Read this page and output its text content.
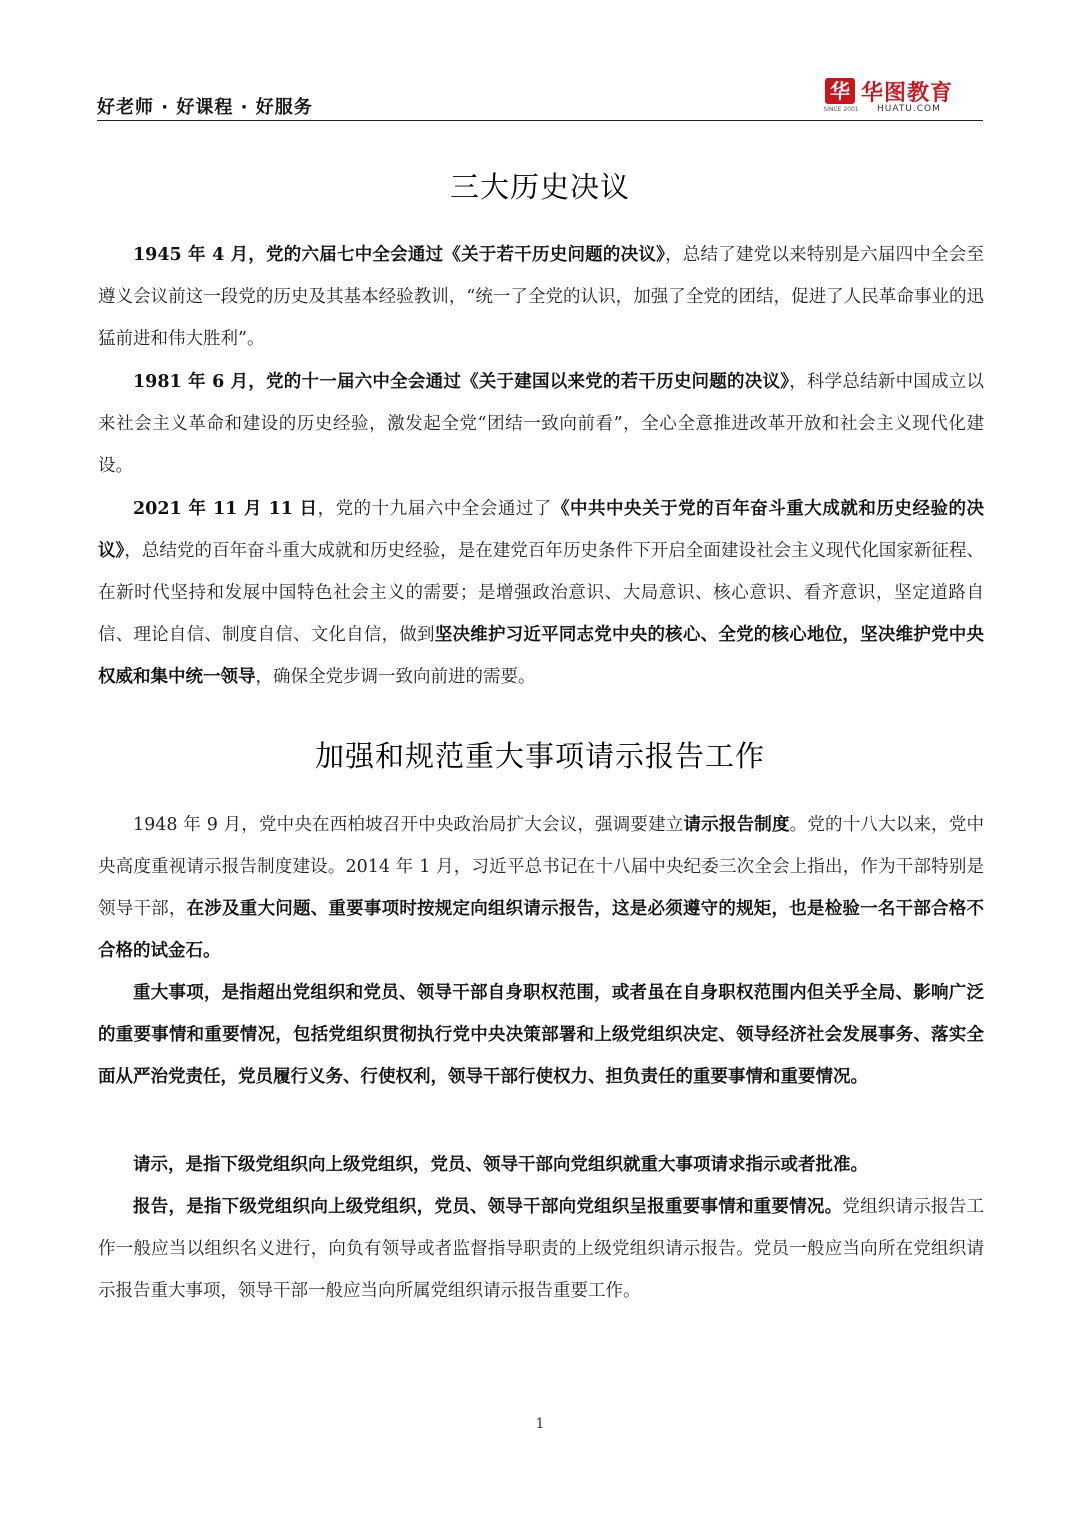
好老师 · 好课程 · 好服务
华
SINCE 2001
华图教育
HUATU.COM
三大历史决议

1945 年 4 月，党的六届七中全会通过《关于若干历史问题的决议》，总结了建党以来特别是六届四中全会至遵义会议前这一段党的历史及其基本经验教训，“统一了全党的认识，加强了全党的团结，促进了人民革命事业的迅猛前进和伟大胜利”。

1981 年 6 月，党的十一届六中全会通过《关于建国以来党的若干历史问题的决议》，科学总结新中国成立以来社会主义革命和建设的历史经验，激发起全党“团结一致向前看”，全心全意推进改革开放和社会主义现代化建设。

2021 年 11 月 11 日，党的十九届六中全会通过了《中共中央关于党的百年奋斗重大成就和历史经验的决议》，总结党的百年奋斗重大成就和历史经验，是在建党百年历史条件下开启全面建设社会主义现代化国家新征程、在新时代坚持和发展中国特色社会主义的需要；是增强政治意识、大局意识、核心意识、看齐意识，坚定道路自信、理论自信、制度自信、文化自信，做到坚决维护习近平同志党中央的核心、全党的核心地位，坚决维护党中央权威和集中统一领导，确保全党步调一致向前进的需要。

加强和规范重大事项请示报告工作

1948 年 9 月，党中央在西柏坡召开中央政治局扩大会议，强调要建立请示报告制度。党的十八大以来，党中央高度重视请示报告制度建设。2014 年 1 月，习近平总书记在十八届中央纪委三次全会上指出，作为干部特别是领导干部，在涉及重大问题、重要事项时按规定向组织请示报告，这是必须遵守的规矩，也是检验一名干部合格不合格的试金石。

重大事项，是指超出党组织和党员、领导干部自身职权范围，或者虽在自身职权范围内但关乎全局、影响广泛的重要事情和重要情况，包括党组织贯彻执行党中央决策部署和上级党组织决定、领导经济社会发展事务、落实全面从严治党责任，党员履行义务、行使权利，领导干部行使权力、担负责任的重要事情和重要情况。

请示，是指下级党组织向上级党组织，党员、领导干部向党组织就重大事项请求指示或者批准。

报告，是指下级党组织向上级党组织，党员、领导干部向党组织呈报重要事情和重要情况。党组织请示报告工作一般应当以组织名义进行，向负有领导或者监督指导职责的上级党组织请示报告。党员一般应当向所在党组织请示报告重大事项，领导干部一般应当向所属党组织请示报告重要工作。

1
